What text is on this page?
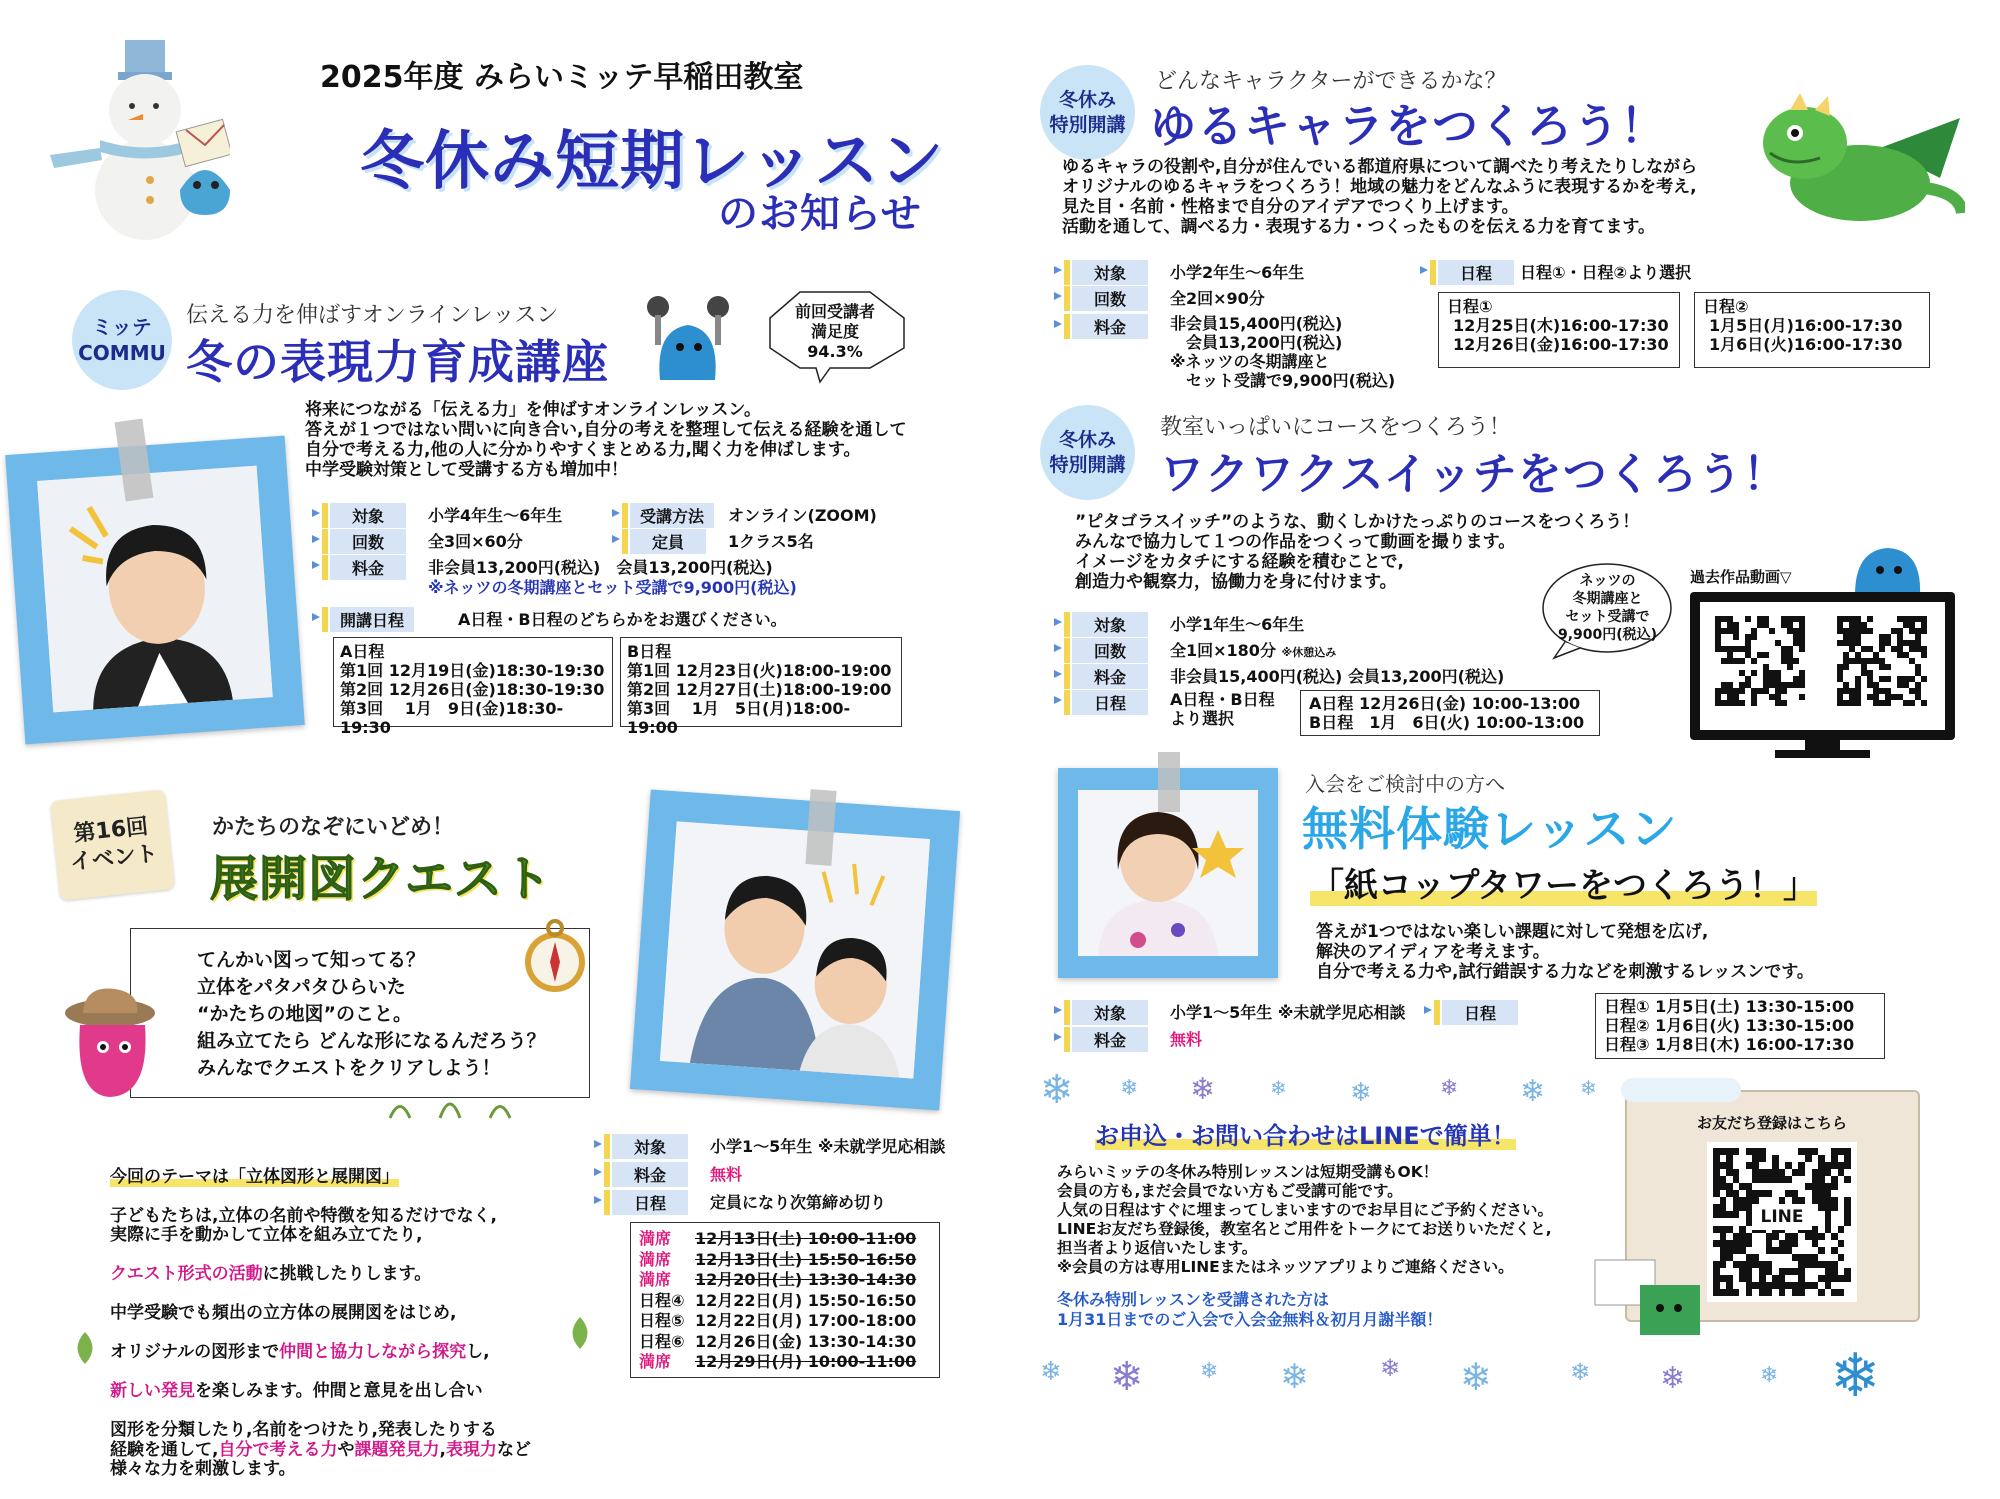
2025年度 みらいミッテ早稲田教室
冬休み短期レッスン
のお知らせ
ミッテ
COMMU
伝える力を伸ばすオンラインレッスン
冬の表現力育成講座
前回受講者
満足度
94.3%
将来につながる「伝える力」を伸ばすオンラインレッスン。
答えが１つではない問いに向き合い,自分の考えを整理して伝える経験を通して
自分で考える力,他の人に分かりやすくまとめる力,聞く力を伸ばします。
中学受験対策として受講する方も増加中！
対象	小学4年生～6年生	受講方法	オンライン(ZOOM)
回数	全3回×60分	定員	1クラス5名
料金	非会員13,200円(税込)　会員13,200円(税込)
※ネッツの冬期講座とセット受講で9,900円(税込)
開講日程	A日程・B日程のどちらかをお選びください。
A日程
第1回 12月19日(金)18:30-19:30
第2回 12月26日(金)18:30-19:30
第3回　 1月　9日(金)18:30-19:30
B日程
第1回 12月23日(火)18:00-19:00
第2回 12月27日(土)18:00-19:00
第3回　 1月　5日(月)18:00-19:00
第16回
イベント
かたちのなぞにいどめ！
展開図クエスト
てんかい図って知ってる？
立体をパタパタひらいた
“かたちの地図”のこと。
組み立てたら どんな形になるんだろう？
みんなでクエストをクリアしよう！

今回のテーマは「立体図形と展開図」

子どもたちは,立体の名前や特徴を知るだけでなく,
実際に手を動かして立体を組み立てたり,

クエスト形式の活動に挑戦したりします。

中学受験でも頻出の立方体の展開図をはじめ,

オリジナルの図形まで仲間と協力しながら探究し,

新しい発見を楽しみます。仲間と意見を出し合い

図形を分類したり,名前をつけたり,発表したりする
経験を通して,自分で考える力や課題発見力,表現力など
様々な力を刺激します。

対象	小学1～5年生 ※未就学児応相談
料金	無料
日程	定員になり次第締め切り
満席 12月13日(土) 10:00-11:00
満席 12月13日(土) 15:50-16:50
満席 12月20日(土) 13:30-14:30
日程④ 12月22日(月) 15:50-16:50
日程⑤ 12月22日(月) 17:00-18:00
日程⑥ 12月26日(金) 13:30-14:30
満席 12月29日(月) 10:00-11:00
冬休み
特別開講
どんなキャラクターができるかな？
ゆるキャラをつくろう！
ゆるキャラの役割や,自分が住んでいる都道府県について調べたり考えたりしながら
オリジナルのゆるキャラをつくろう！地域の魅力をどんなふうに表現するかを考え,
見た目・名前・性格まで自分のアイデアでつくり上げます。
活動を通して、調べる力・表現する力・つくったものを伝える力を育てます。
対象	小学2年生～6年生
回数	全2回×90分
料金	非会員15,400円(税込)
　会員13,200円(税込)
※ネッツの冬期講座と
　セット受講で9,900円(税込)
日程	日程①・日程②より選択
日程①
12月25日(木)16:00-17:30
12月26日(金)16:00-17:30
日程②
1月5日(月)16:00-17:30
1月6日(火)16:00-17:30
冬休み
特別開講
教室いっぱいにコースをつくろう！
ワクワクスイッチをつくろう！
”ピタゴラスイッチ”のような、動くしかけたっぷりのコースをつくろう！
みんなで協力して１つの作品をつくって動画を撮ります。
イメージをカタチにする経験を積むことで,
創造力や観察力，協働力を身に付けます。	ネッツの
冬期講座と
セット受講で
9,900円(税込)
過去作品動画▽
対象	小学1年生～6年生
回数	全1回×180分 ※休憩込み
料金	非会員15,400円(税込) 会員13,200円(税込)
日程	A日程・B日程
より選択
A日程 12月26日(金) 10:00-13:00
B日程　1月　6日(火) 10:00-13:00
入会をご検討中の方へ
無料体験レッスン
「紙コップタワーをつくろう！」
答えが1つではない楽しい課題に対して発想を広げ,
解決のアイディアを考えます。
自分で考える力や,試行錯誤する力などを刺激するレッスンです。
対象	小学1～5年生 ※未就学児応相談
料金	無料
日程	日程① 1月5日(土) 13:30-15:00
日程② 1月6日(火) 13:30-15:00
日程③ 1月8日(木) 16:00-17:30
❄ ❄ ❄	❄ ❄	❄ ❄ ❄
お申込・お問い合わせはLINEで簡単！
みらいミッテの冬休み特別レッスンは短期受講もOK！
会員の方も,まだ会員でない方もご受講可能です。
人気の日程はすぐに埋まってしまいますのでお早目にご予約ください。
LINEお友だち登録後，教室名とご用件をトークにてお送りいただくと,
担当者より返信いたします。
※会員の方は専用LINEまたはネッツアプリよりご連絡ください。
冬休み特別レッスンを受講された方は
1月31日までのご入会で入会金無料＆初月月謝半額！
お友だち登録はこちら
LINE
❄ ❄	❄ ❄	❄ ❄	❄ ❄	❄ ❄
